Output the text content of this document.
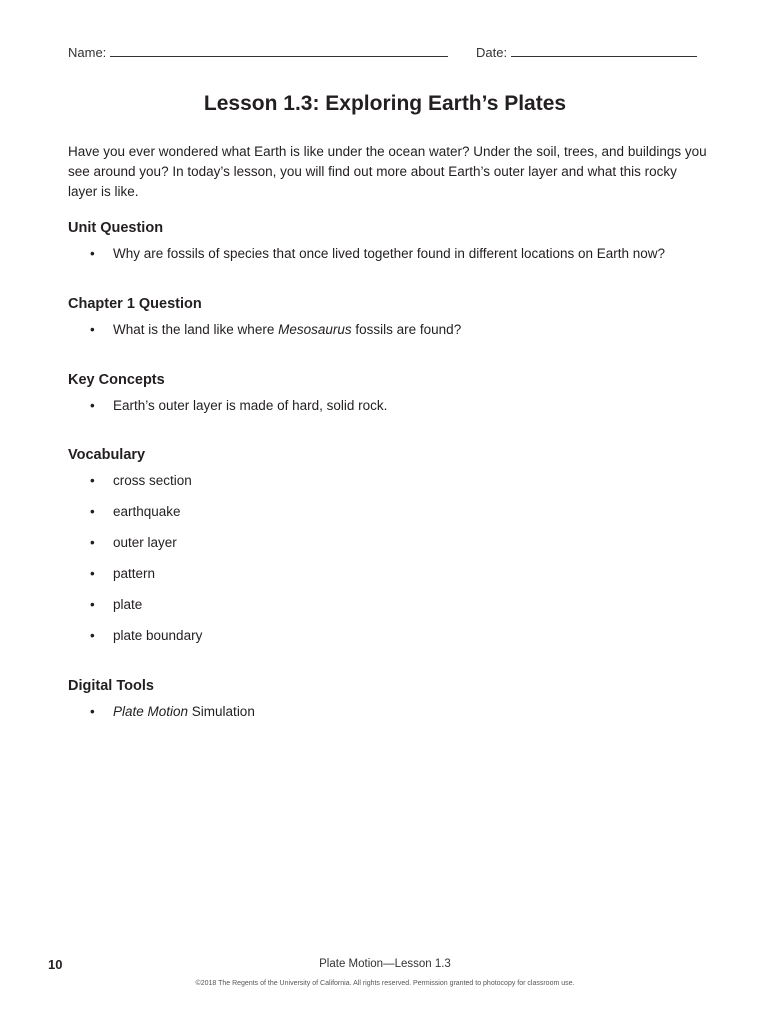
Name:	Date:
Lesson 1.3: Exploring Earth’s Plates

Have you ever wondered what Earth is like under the ocean water? Under the soil, trees, and buildings you see around you? In today’s lesson, you will find out more about Earth’s outer layer and what this rocky layer is like.

Unit Question
• Why are fossils of species that once lived together found in different locations on Earth now?
Chapter 1 Question
• What is the land like where Mesosaurus fossils are found?
Key Concepts
• Earth’s outer layer is made of hard, solid rock.
Vocabulary
• cross section
• earthquake
• outer layer
• pattern
• plate
• plate boundary
Digital Tools
• Plate Motion Simulation
10	Plate Motion—Lesson 1.3
©2018 The Regents of the University of California. All rights reserved. Permission granted to photocopy for classroom use.
